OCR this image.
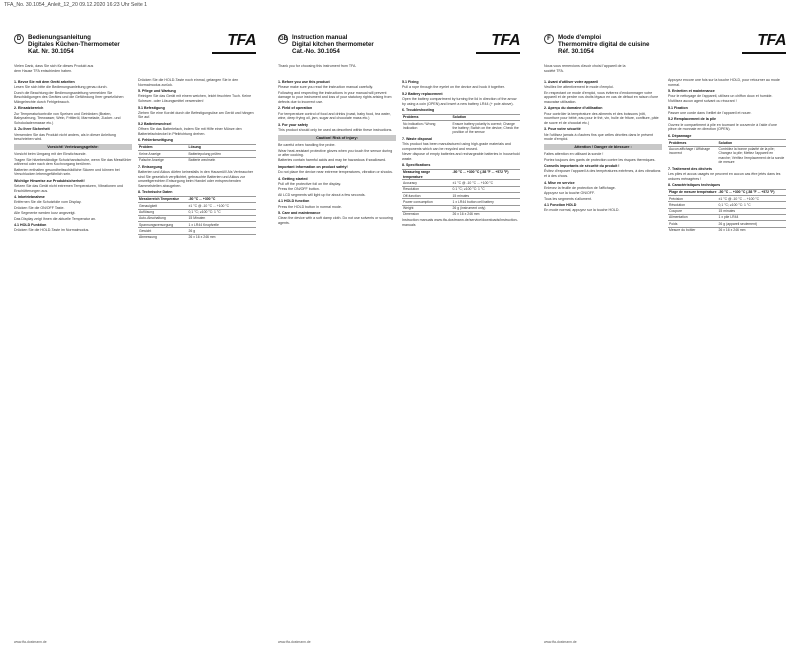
TFA_No. 30.1054_Anleit_12_20 09.12.2020 16:23 Uhr Seite 1
D	Bedienungsanleitung
Digitales Küchen-Thermometer
Kat. Nr. 30.1054
TFA
Vielen Dank, dass Sie sich für dieses Produkt aus dem Hause TFA entschieden haben.
1. Bevor Sie mit dem Gerät arbeiten

Lesen Sie sich bitte die Bedienungsanleitung genau durch.

Durch die Beachtung der Bedienungsanleitung vermeiden Sie Beschädigungen des Gerätes und die Gefährdung Ihrer gesetzlichen Mängelrechte durch Fehlgebrauch.

2. Einsatzbereich

Zur Temperaturkontrolle von Speisen und Getränken (Braten, Babynahrung, Teewasser, Wein, Frittieröl, Marmelade, Zucker- und Schokoladenmasse etc.)

3. Zu Ihrer Sicherheit

Verwenden Sie das Produkt nicht anders, als in dieser Anleitung beschrieben wird.

Vorsicht! Verletzungsgefahr:

Vorsicht beim Umgang mit der Einstichsonde.

Tragen Sie hitzebeständige Schutzhandschuhe, wenn Sie das Messfühler während oder nach dem Kochvorgang berühren.

Batterien enthalten gesundheitsschädliche Säuren und können bei Verschlucken lebensgefährlich sein.

Wichtige Hinweise zur Produktsicherheit!

Setzen Sie das Gerät nicht extremen Temperaturen, Vibrationen und Erschütterungen aus.

4. Inbetriebnahme

Entfernen Sie die Schutzfolie vom Display.

Drücken Sie die ON/OFF Taste.

Alle Segmente werden kurz angezeigt.

Das Display zeigt Ihnen die aktuelle Temperatur an.

4.1 HOLD Funktion

Drücken Sie die HOLD-Taste im Normalmodus.

Drücken Sie die HOLD-Taste noch einmal, gelangen Sie in den Normalmodus zurück.

5. Pflege und Wartung

Reinigen Sie das Gerät mit einem weichen, leicht feuchten Tuch. Keine Scheuer- oder Lösungsmittel verwenden!

5.1 Befestigung

Ziehen Sie eine Kordel durch die Befestigungsöse am Gerät und hängen Sie auf.

5.2 Batteriewechsel

Öffnen Sie das Batteriefach, indem Sie mit Hilfe einer Münze den Batteriefachdeckel in Pfeilrichtung drehen.

6. Fehlerbeseitigung
Problem	Lösung
Keine Anzeige	Batteriepolung prüfen
Falsche Anzeige	Batterie wechseln
7. Entsorgung

Batterien und Akkus dürfen keinesfalls in den Hausmüll! Als Verbraucher sind Sie gesetzlich verpflichtet, gebrauchte Batterien und Akkus zur umweltgerechten Entsorgung beim Handel oder entsprechenden Sammelstellen abzugeben.

8. Technische Daten
Messbereich Temperatur	-50 °C ... +300 °C
Genauigkeit	±1 °C @ -10 °C ... +100 °C
Auflösung	0,1 °C; ≥100 °C: 1 °C
Auto-Abschaltung	15 Minuten
Spannungsversorgung	1 x LR44 Knopfzelle
Gewicht	26 g
Abmessung	26 x 16 x 246 mm
www.tfa-dostmann.de
GB Instruction manual
Digital kitchen thermometer
Cat.-No. 30.1054
TFA
Thank you for choosing this instrument from TFA.
1. Before you use this product

Please make sure you read the instruction manual carefully.

Following and respecting the instructions in your manual will prevent damage to your instrument and loss of your statutory rights arising from defects due to incorrect use.

2. Field of operation

For temperature control of food and drinks (roast, baby food, tea water, wine, deep frying oil, jam, sugar and chocolate mass etc.)

3. For your safety

This product should only be used as described within these instructions.

Caution! Risk of injury:

Be careful when handling the probe.

Wear heat-resistant protective gloves when you touch the sensor during or after cooking.

Batteries contain harmful acids and may be hazardous if swallowed.

Important information on product safety!

Do not place the device near extreme temperatures, vibration or shocks.

4. Getting started

Pull off the protective foil on the display.

Press the ON/OFF button.

All LCD segments will light up for about a few seconds.

4.1 HOLD function

Press the HOLD button in normal mode.

5. Care and maintenance

Clean the device with a soft damp cloth. Do not use solvents or scouring agents.

5.1 Fixing

Pull a rope through the eyelet on the device and hook it together.

5.2 Battery replacement

Open the battery compartment by turning the lid in direction of the arrow by using a coin (OPEN) and insert a new battery LR44 (+ pole above).

6. Troubleshooting
Problems	Solution
No indication / Wrong indication	Ensure battery polarity is correct; Change the battery; Switch on the device; Check the position of the sensor
7. Waste disposal

This product has been manufactured using high-grade materials and components which can be recycled and reused.

Never dispose of empty batteries and rechargeable batteries in household waste.

8. Specifications
Measuring range temperature	-50 °C ... +300 °C (-58 °F ... +572 °F)
Accuracy	±1 °C @ -10 °C ... +100 °C
Resolution	0.1 °C; ≥100 °C: 1 °C
Off-function	15 minutes
Power consumption	1 x LR44 button cell battery
Weight	26 g (instrument only)
Dimension	26 x 16 x 246 mm

Instruction manuals www.tfa-dostmann.de/service/downloads/instruction-manuals

www.tfa-dostmann.de
F	Mode d'emploi
Thermomètre digital de cuisine
Réf. 30.1054
TFA
Nous vous remercions d'avoir choisi l'appareil de la société TFA.
1. Avant d'utiliser votre appareil

Veuillez lire attentivement le mode d'emploi.

En respectant ce mode d'emploi, vous éviterez d'endommager votre appareil et de perdre vos droits légaux en cas de défaut en raison d'une mauvaise utilisation.

2. Aperçu du domaine d'utilisation

Pour contrôler la température des aliments et des boissons (rôti, nourriture pour bébé, eau pour le thé, vin, huile de friture, confiture, pâte de sucre et de chocolat etc.)

3. Pour votre sécurité

Ne l'utilisez jamais à d'autres fins que celles décrites dans le présent mode d'emploi.

Attention ! Danger de blessure :

Faites attention en utilisant la sonde !

Portez toujours des gants de protection contre les risques thermiques.

Conseils importants de sécurité du produit !

Évitez d'exposer l'appareil à des températures extrêmes, à des vibrations et à des chocs.

4. Mise en service

Enlevez la feuille de protection de l'affichage.

Appuyez sur la touche ON/OFF.

Tous les segments s'allument.

4.1 Fonction HOLD

En mode normal, appuyez sur la touche HOLD.

Appuyez encore une fois sur la touche HOLD, pour retourner au mode normal.

5. Entretien et maintenance

Pour le nettoyage de l'appareil, utilisez un chiffon doux et humide. N'utilisez aucun agent solvant ou récurant !

5.1 Fixation

Passer une corde dans l'œillet de l'appareil et nouer.

5.2 Remplacement de la pile

Ouvrez le compartiment à pile en tournant le couvercle à l'aide d'une pièce de monnaie en direction (OPEN).

6. Dépannage
Problèmes	Solution
Aucun affichage / Affichage incorrect	Contrôlez la bonne polarité de la pile; Changez la pile; Mettez l'appareil en marche; Vérifiez l'emplacement de la sonde de mesure
7. Traitement des déchets

Les piles et accus usagés ne peuvent en aucun cas être jetés dans les ordures ménagères !

8. Caractéristiques techniques
Plage de mesure température	-50 °C ... +300 °C (-58 °F ... +572 °F)
Précision	±1 °C @ -10 °C ... +100 °C
Résolution	0,1 °C; ≥100 °C: 1 °C
Coupure	15 minutes
Alimentation	1 x pile LR44
Poids	26 g (appareil seulement)
Mesure du boîtier	26 x 16 x 246 mm
www.tfa-dostmann.de
